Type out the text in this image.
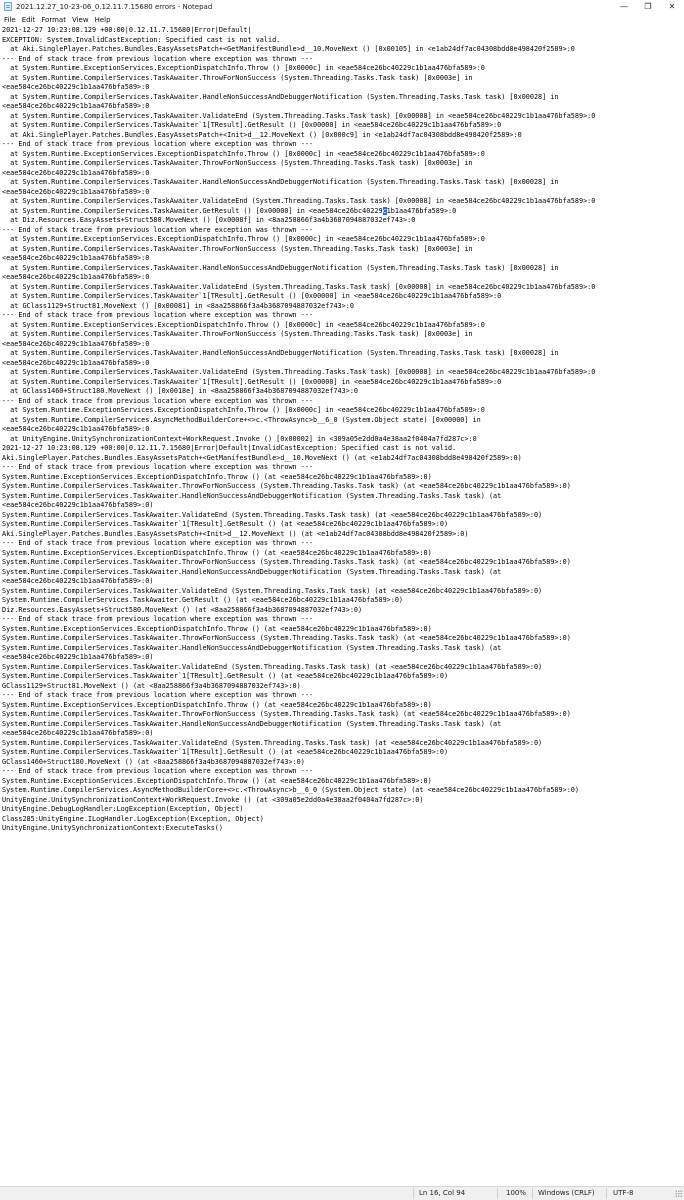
2021.12.27_10-23-06_0.12.11.7.15680 errors - Notepad	—	❐	✕
File Edit Format View Help
2021-12-27 10:23:08.129 +00:00|0.12.11.7.15680|Error|Default|
EXCEPTION: System.InvalidCastException: Specified cast is not valid.
at Aki.SinglePlayer.Patches.Bundles.EasyAssetsPatch+<GetManifestBundle>d__10.MoveNext () [0x00105] in <e1ab24df7ac04308bdd8e498420f2589>:0
--- End of stack trace from previous location where exception was thrown ---
at System.Runtime.ExceptionServices.ExceptionDispatchInfo.Throw () [0x0000c] in <eae584ce26bc40229c1b1aa476bfa589>:0
at System.Runtime.CompilerServices.TaskAwaiter.ThrowForNonSuccess (System.Threading.Tasks.Task task) [0x0003e] in
<eae584ce26bc40229c1b1aa476bfa589>:0
at System.Runtime.CompilerServices.TaskAwaiter.HandleNonSuccessAndDebuggerNotification (System.Threading.Tasks.Task task) [0x00028] in
<eae584ce26bc40229c1b1aa476bfa589>:0
at System.Runtime.CompilerServices.TaskAwaiter.ValidateEnd (System.Threading.Tasks.Task task) [0x00008] in <eae584ce26bc40229c1b1aa476bfa589>:0
at System.Runtime.CompilerServices.TaskAwaiter`1[TResult].GetResult () [0x00000] in <eae584ce26bc40229c1b1aa476bfa589>:0
at Aki.SinglePlayer.Patches.Bundles.EasyAssetsPatch+<Init>d__12.MoveNext () [0x000c9] in <e1ab24df7ac04308bdd8e498420f2589>:0
--- End of stack trace from previous location where exception was thrown ---
at System.Runtime.ExceptionServices.ExceptionDispatchInfo.Throw () [0x0000c] in <eae584ce26bc40229c1b1aa476bfa589>:0
at System.Runtime.CompilerServices.TaskAwaiter.ThrowForNonSuccess (System.Threading.Tasks.Task task) [0x0003e] in
<eae584ce26bc40229c1b1aa476bfa589>:0
at System.Runtime.CompilerServices.TaskAwaiter.HandleNonSuccessAndDebuggerNotification (System.Threading.Tasks.Task task) [0x00028] in
<eae584ce26bc40229c1b1aa476bfa589>:0
at System.Runtime.CompilerServices.TaskAwaiter.ValidateEnd (System.Threading.Tasks.Task task) [0x00008] in <eae584ce26bc40229c1b1aa476bfa589>:0
at System.Runtime.CompilerServices.TaskAwaiter.GetResult () [0x00000] in <eae584ce26bc40229c1b1aa476bfa589>:0
at Diz.Resources.EasyAssets+Struct580.MoveNext () [0x0008f] in <8aa258866f3a4b3687094887032ef743>:0
--- End of stack trace from previous location where exception was thrown ---
at System.Runtime.ExceptionServices.ExceptionDispatchInfo.Throw () [0x0000c] in <eae584ce26bc40229c1b1aa476bfa589>:0
at System.Runtime.CompilerServices.TaskAwaiter.ThrowForNonSuccess (System.Threading.Tasks.Task task) [0x0003e] in
<eae584ce26bc40229c1b1aa476bfa589>:0
at System.Runtime.CompilerServices.TaskAwaiter.HandleNonSuccessAndDebuggerNotification (System.Threading.Tasks.Task task) [0x00028] in
<eae584ce26bc40229c1b1aa476bfa589>:0
at System.Runtime.CompilerServices.TaskAwaiter.ValidateEnd (System.Threading.Tasks.Task task) [0x00008] in <eae584ce26bc40229c1b1aa476bfa589>:0
at System.Runtime.CompilerServices.TaskAwaiter`1[TResult].GetResult () [0x00000] in <eae584ce26bc40229c1b1aa476bfa589>:0
at GClass1129+Struct81.MoveNext () [0x00081] in <8aa258866f3a4b3687094887032ef743>:0
--- End of stack trace from previous location where exception was thrown ---
at System.Runtime.ExceptionServices.ExceptionDispatchInfo.Throw () [0x0000c] in <eae584ce26bc40229c1b1aa476bfa589>:0
at System.Runtime.CompilerServices.TaskAwaiter.ThrowForNonSuccess (System.Threading.Tasks.Task task) [0x0003e] in
<eae584ce26bc40229c1b1aa476bfa589>:0
at System.Runtime.CompilerServices.TaskAwaiter.HandleNonSuccessAndDebuggerNotification (System.Threading.Tasks.Task task) [0x00028] in
<eae584ce26bc40229c1b1aa476bfa589>:0
at System.Runtime.CompilerServices.TaskAwaiter.ValidateEnd (System.Threading.Tasks.Task task) [0x00008] in <eae584ce26bc40229c1b1aa476bfa589>:0
at System.Runtime.CompilerServices.TaskAwaiter`1[TResult].GetResult () [0x00000] in <eae584ce26bc40229c1b1aa476bfa589>:0
at GClass1460+Struct180.MoveNext () [0x0018e] in <8aa258866f3a4b3687094887032ef743>:0
--- End of stack trace from previous location where exception was thrown ---
at System.Runtime.ExceptionServices.ExceptionDispatchInfo.Throw () [0x0000c] in <eae584ce26bc40229c1b1aa476bfa589>:0
at System.Runtime.CompilerServices.AsyncMethodBuilderCore+<>c.<ThrowAsync>b__6_0 (System.Object state) [0x00000] in
<eae584ce26bc40229c1b1aa476bfa589>:0
at UnityEngine.UnitySynchronizationContext+WorkRequest.Invoke () [0x00002] in <309a05e2dd0a4e38aa2f0404a7fd287c>:0
2021-12-27 10:23:08.129 +00:00|0.12.11.7.15680|Error|Default|InvalidCastException: Specified cast is not valid.
Aki.SinglePlayer.Patches.Bundles.EasyAssetsPatch+<GetManifestBundle>d__10.MoveNext () (at <e1ab24df7ac04308bdd8e498420f2589>:0)
--- End of stack trace from previous location where exception was thrown ---
System.Runtime.ExceptionServices.ExceptionDispatchInfo.Throw () (at <eae584ce26bc40229c1b1aa476bfa589>:0)
System.Runtime.CompilerServices.TaskAwaiter.ThrowForNonSuccess (System.Threading.Tasks.Task task) (at <eae584ce26bc40229c1b1aa476bfa589>:0)
System.Runtime.CompilerServices.TaskAwaiter.HandleNonSuccessAndDebuggerNotification (System.Threading.Tasks.Task task) (at
<eae584ce26bc40229c1b1aa476bfa589>:0)
System.Runtime.CompilerServices.TaskAwaiter.ValidateEnd (System.Threading.Tasks.Task task) (at <eae584ce26bc40229c1b1aa476bfa589>:0)
System.Runtime.CompilerServices.TaskAwaiter`1[TResult].GetResult () (at <eae584ce26bc40229c1b1aa476bfa589>:0)
Aki.SinglePlayer.Patches.Bundles.EasyAssetsPatch+<Init>d__12.MoveNext () (at <e1ab24df7ac04308bdd8e498420f2589>:0)
--- End of stack trace from previous location where exception was thrown ---
System.Runtime.ExceptionServices.ExceptionDispatchInfo.Throw () (at <eae584ce26bc40229c1b1aa476bfa589>:0)
System.Runtime.CompilerServices.TaskAwaiter.ThrowForNonSuccess (System.Threading.Tasks.Task task) (at <eae584ce26bc40229c1b1aa476bfa589>:0)
System.Runtime.CompilerServices.TaskAwaiter.HandleNonSuccessAndDebuggerNotification (System.Threading.Tasks.Task task) (at
<eae584ce26bc40229c1b1aa476bfa589>:0)
System.Runtime.CompilerServices.TaskAwaiter.ValidateEnd (System.Threading.Tasks.Task task) (at <eae584ce26bc40229c1b1aa476bfa589>:0)
System.Runtime.CompilerServices.TaskAwaiter.GetResult () (at <eae584ce26bc40229c1b1aa476bfa589>:0)
Diz.Resources.EasyAssets+Struct580.MoveNext () (at <8aa258866f3a4b3687094887032ef743>:0)
--- End of stack trace from previous location where exception was thrown ---
System.Runtime.ExceptionServices.ExceptionDispatchInfo.Throw () (at <eae584ce26bc40229c1b1aa476bfa589>:0)
System.Runtime.CompilerServices.TaskAwaiter.ThrowForNonSuccess (System.Threading.Tasks.Task task) (at <eae584ce26bc40229c1b1aa476bfa589>:0)
System.Runtime.CompilerServices.TaskAwaiter.HandleNonSuccessAndDebuggerNotification (System.Threading.Tasks.Task task) (at
<eae584ce26bc40229c1b1aa476bfa589>:0)
System.Runtime.CompilerServices.TaskAwaiter.ValidateEnd (System.Threading.Tasks.Task task) (at <eae584ce26bc40229c1b1aa476bfa589>:0)
System.Runtime.CompilerServices.TaskAwaiter`1[TResult].GetResult () (at <eae584ce26bc40229c1b1aa476bfa589>:0)
GClass1129+Struct81.MoveNext () (at <8aa258866f3a4b3687094887032ef743>:0)
--- End of stack trace from previous location where exception was thrown ---
System.Runtime.ExceptionServices.ExceptionDispatchInfo.Throw () (at <eae584ce26bc40229c1b1aa476bfa589>:0)
System.Runtime.CompilerServices.TaskAwaiter.ThrowForNonSuccess (System.Threading.Tasks.Task task) (at <eae584ce26bc40229c1b1aa476bfa589>:0)
System.Runtime.CompilerServices.TaskAwaiter.HandleNonSuccessAndDebuggerNotification (System.Threading.Tasks.Task task) (at
<eae584ce26bc40229c1b1aa476bfa589>:0)
System.Runtime.CompilerServices.TaskAwaiter.ValidateEnd (System.Threading.Tasks.Task task) (at <eae584ce26bc40229c1b1aa476bfa589>:0)
System.Runtime.CompilerServices.TaskAwaiter`1[TResult].GetResult () (at <eae584ce26bc40229c1b1aa476bfa589>:0)
GClass1460+Struct180.MoveNext () (at <8aa258866f3a4b3687094887032ef743>:0)
--- End of stack trace from previous location where exception was thrown ---
System.Runtime.ExceptionServices.ExceptionDispatchInfo.Throw () (at <eae584ce26bc40229c1b1aa476bfa589>:0)
System.Runtime.CompilerServices.AsyncMethodBuilderCore+<>c.<ThrowAsync>b__6_0 (System.Object state) (at <eae584ce26bc40229c1b1aa476bfa589>:0)
UnityEngine.UnitySynchronizationContext+WorkRequest.Invoke () (at <309a05e2dd0a4e38aa2f0404a7fd287c>:0)
UnityEngine.DebugLogHandler:LogException(Exception, Object)
Class285:UnityEngine.ILogHandler.LogException(Exception, Object)
UnityEngine.UnitySynchronizationContext:ExecuteTasks()
Ln 16, Col 94	100% Windows (CRLF)	UTF-8
